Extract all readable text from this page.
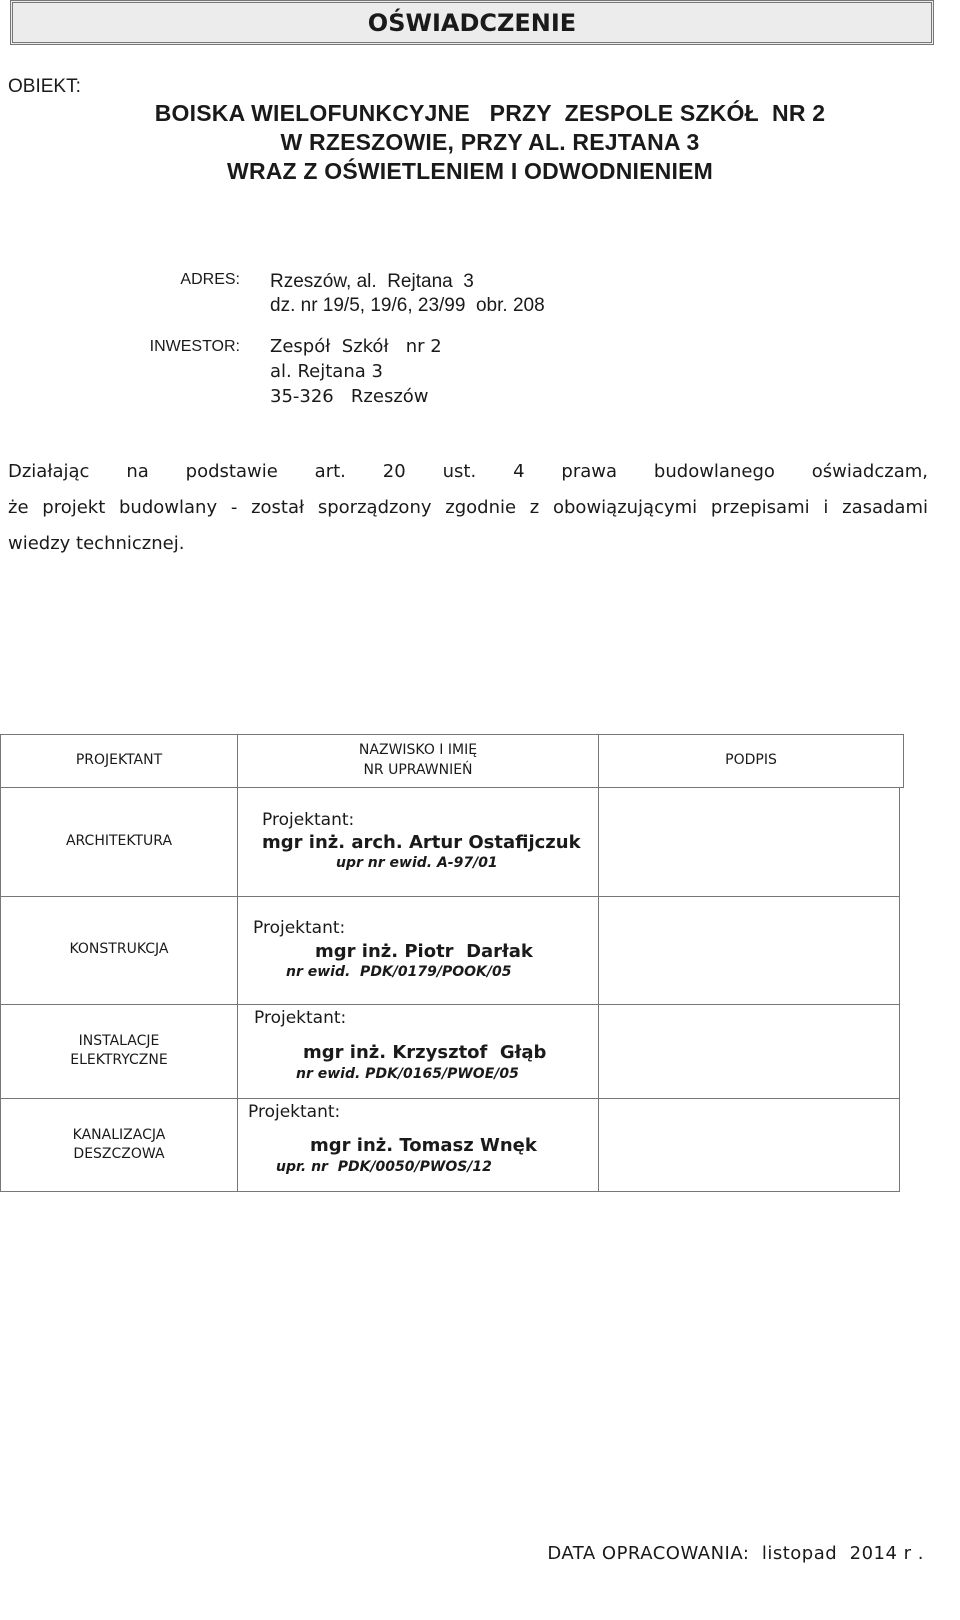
OŚWIADCZENIE
OBIEKT:
BOISKA WIELOFUNKCYJNE   PRZY  ZESPOLE SZKÓŁ  NR 2
W RZESZOWIE, PRZY AL. REJTANA 3
WRAZ Z OŚWIETLENIEM I ODWODNIENIEM
ADRES: Rzeszów, al.  Rejtana  3
dz. nr 19/5, 19/6, 23/99  obr. 208
INWESTOR: Zespół  Szkół   nr 2
al. Rejtana 3
35-326   Rzeszów
Działając na podstawie art. 20 ust. 4 prawa budowlanego oświadczam,
że projekt budowlany - został sporządzony zgodnie z obowiązującymi przepisami i zasadami
wiedzy technicznej.
PROJEKTANT
NAZWISKO I IMIĘ
NR UPRAWNIEŃ
PODPIS
ARCHITEKTURA
Projektant:
mgr inż. arch. Artur Ostafijczuk
upr nr ewid. A-97/01
KONSTRUKCJA
Projektant:
mgr inż. Piotr  Darłak
nr ewid.  PDK/0179/POOK/05
INSTALACJE
ELEKTRYCZNE
Projektant:
mgr inż. Krzysztof  Głąb
nr ewid. PDK/0165/PWOE/05
KANALIZACJA
DESZCZOWA
Projektant:
mgr inż. Tomasz Wnęk
upr. nr  PDK/0050/PWOS/12
DATA OPRACOWANIA:  listopad  2014 r .
